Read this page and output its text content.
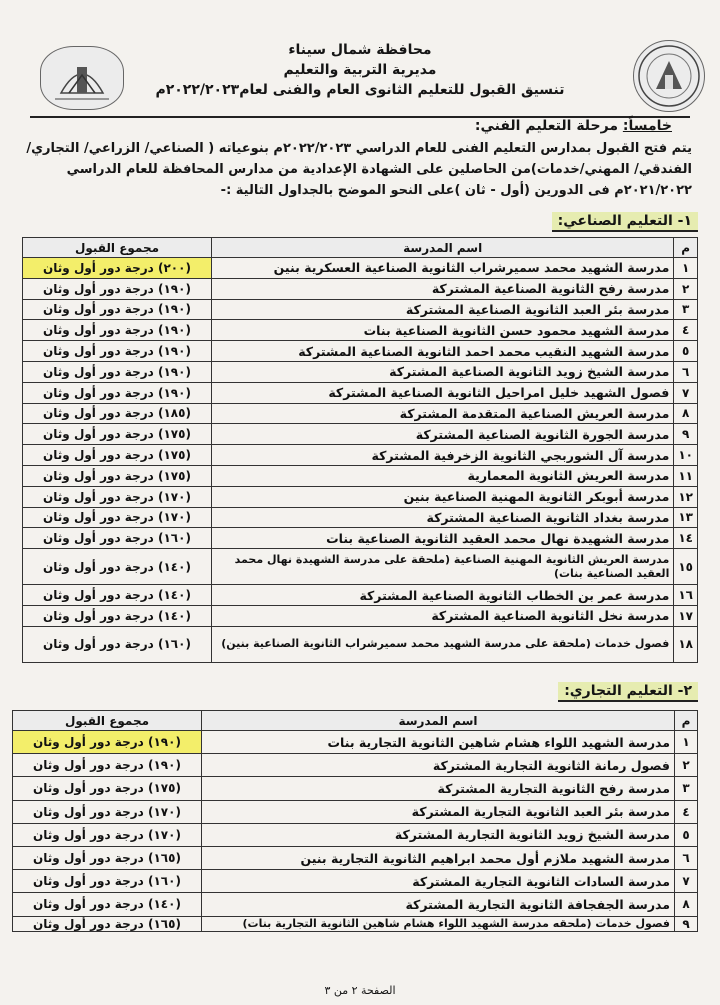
محافظة شمال سيناء
مديرية التربية والتعليم
تنسيق القبول للتعليم الثانوى العام والفنى لعام٢٠٢٢/٢٠٢٣م
خامساً: مرحلة التعليم الفني:
يتم فتح القبول بمدارس التعليم الفنى للعام الدراسي ٢٠٢٢/٢٠٢٣م بنوعياته ( الصناعي/ الزراعي/ التجاري/ الفندقي/ المهني/خدمات)من الحاصلين على الشهادة الإعدادية من مدارس المحافظة للعام الدراسي ٢٠٢١/٢٠٢٢م فى الدورين (أول - ثان )على النحو الموضح بالجداول التالية :-
١- التعليم الصناعي:
م	اسم المدرسة	مجموع القبول
١	مدرسة الشهيد محمد سميرشراب الثانوية الصناعية العسكرية بنين	(٢٠٠) درجة دور أول وثان
٢	مدرسة رفح الثانوية الصناعية المشتركة	(١٩٠) درجة دور أول وثان
٣	مدرسة بئر العبد الثانوية الصناعية المشتركة	(١٩٠) درجة دور أول وثان
٤	مدرسة الشهيد محمود حسن الثانوية الصناعية بنات	(١٩٠) درجة دور أول وثان
٥	مدرسة الشهيد النقيب محمد احمد الثانوية الصناعية المشتركة	(١٩٠) درجة دور أول وثان
٦	مدرسة الشيخ زويد الثانوية الصناعية المشتركة	(١٩٠) درجة دور أول وثان
٧	فصول الشهيد خليل امراحيل الثانوية الصناعية المشتركة	(١٩٠) درجة دور أول وثان
٨	مدرسة العريش الصناعية المتقدمة المشتركة	(١٨٥) درجة دور أول وثان
٩	مدرسة الجورة الثانوية الصناعية المشتركة	(١٧٥) درجة دور أول وثان
١٠	مدرسة آل الشوربجي الثانوية الزخرفية المشتركة	(١٧٥) درجة دور أول وثان
١١	مدرسة العريش الثانوية المعمارية	(١٧٥) درجة دور أول وثان
١٢	مدرسة أبوبكر الثانوية المهنية الصناعية بنين	(١٧٠) درجة دور أول وثان
١٣	مدرسة بغداد الثانوية الصناعية المشتركة	(١٧٠) درجة دور أول وثان
١٤	مدرسة الشهيدة نهال محمد العقيد الثانوية الصناعية بنات	(١٦٠) درجة دور أول وثان
١٥	مدرسة العريش الثانوية المهنية الصناعية (ملحقة على مدرسة الشهيدة نهال محمد العقيد الصناعية بنات)	(١٤٠) درجة دور أول وثان
١٦	مدرسة عمر بن الخطاب الثانوية الصناعية المشتركة	(١٤٠) درجة دور أول وثان
١٧	مدرسة نخل الثانوية الصناعية المشتركة	(١٤٠) درجة دور أول وثان
١٨	فصول خدمات (ملحقة على مدرسة الشهيد محمد سميرشراب الثانوية الصناعية بنين)	(١٦٠) درجة دور أول وثان
٢- التعليم التجاري:
م	اسم المدرسة	مجموع القبول
١	مدرسة الشهيد اللواء هشام شاهين الثانوية التجارية بنات	(١٩٠) درجة دور أول وثان
٢	فصول رمانة الثانوية التجارية المشتركة	(١٩٠) درجة دور أول وثان
٣	مدرسة رفح الثانوية التجارية المشتركة	(١٧٥) درجة دور أول وثان
٤	مدرسة بئر العبد الثانوية التجارية المشتركة	(١٧٠) درجة دور أول وثان
٥	مدرسة الشيخ زويد الثانوية التجارية المشتركة	(١٧٠) درجة دور أول وثان
٦	مدرسة الشهيد ملازم أول محمد ابراهيم الثانوية التجارية بنين	(١٦٥) درجة دور أول وثان
٧	مدرسة السادات الثانوية التجارية المشتركة	(١٦٠) درجة دور أول وثان
٨	مدرسة الجفجافة الثانوية التجارية المشتركة	(١٤٠) درجة دور أول وثان
٩	فصول خدمات (ملحقه مدرسة الشهيد اللواء هشام شاهين الثانوية التجارية بنات)	(١٦٥) درجة دور أول وثان
الصفحة ٢ من ٣
